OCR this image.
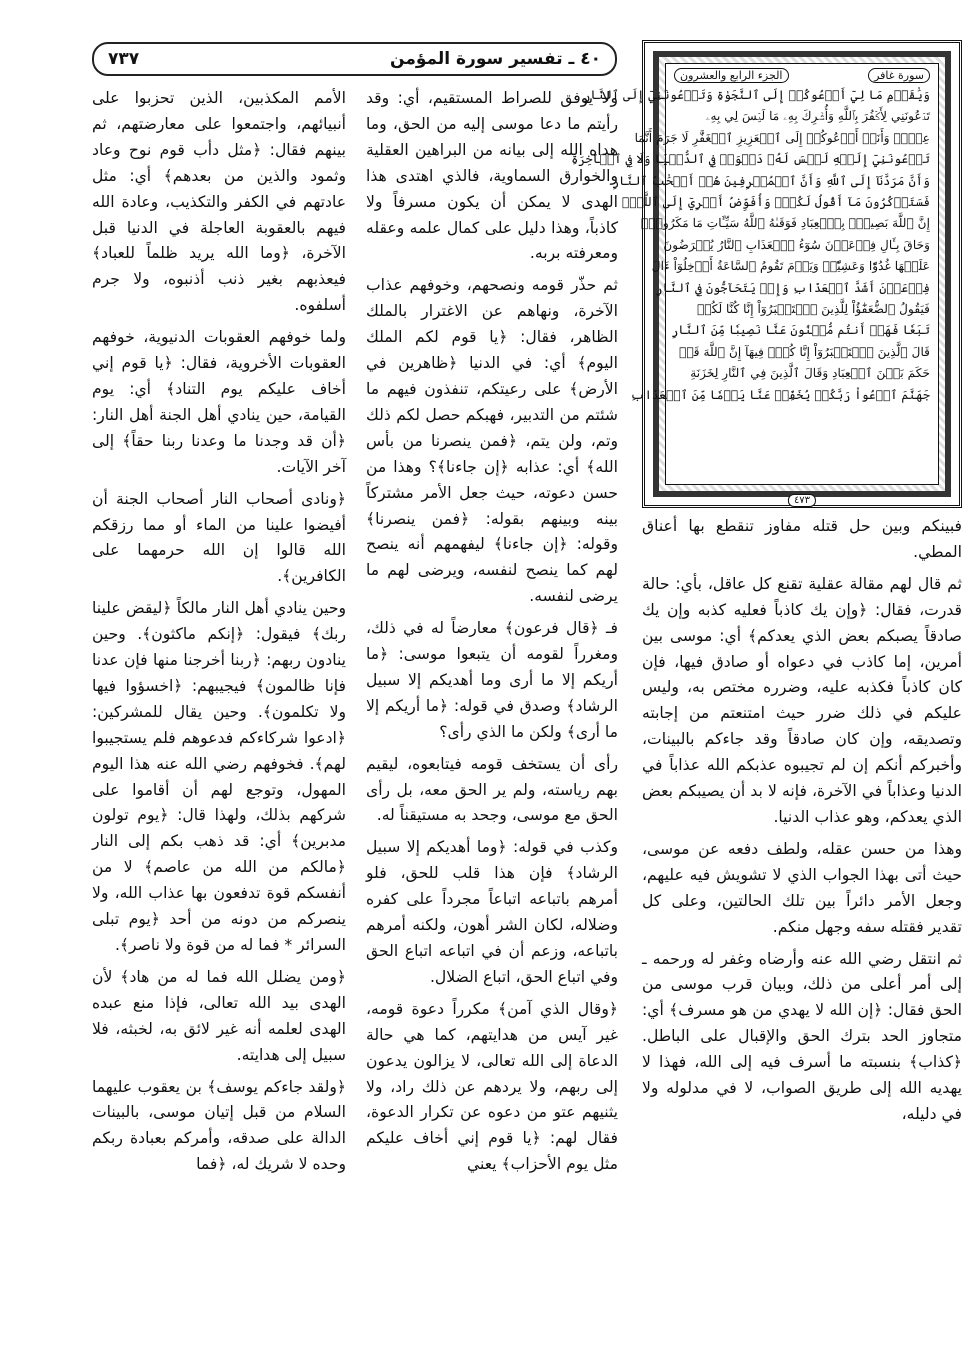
٤٠ ـ تفسير سورة المؤمن
٧٣٧
سورة غافر
الجزء الرابع والعشرون
وَيَٰقَوۡمِ مَا لِيٓ أَدۡعُوكُمۡ إِلَى ٱلنَّجَوٰةِ وَتَدۡعُونَنِيٓ إِلَى ٱلنَّارِ
تَدۡعُونَنِي لِأَكۡفُرَ بِٱللَّهِ وَأُشۡرِكَ بِهِۦ مَا لَيۡسَ لِي بِهِۦ
عِلۡمٞ وَأَنَا۠ أَدۡعُوكُمۡ إِلَى ٱلۡعَزِيزِ ٱلۡغَفَّٰرِ لَا جَرَمَ أَنَّمَا
تَدۡعُونَنِيٓ إِلَيۡهِ لَيۡسَ لَهُۥ دَعۡوَةٞ فِي ٱلدُّنۡيَا وَلَا فِي ٱلۡأٓخِرَةِ
وَأَنَّ مَرَدَّنَآ إِلَى ٱللَّهِ وَأَنَّ ٱلۡمُسۡرِفِينَ هُمۡ أَصۡحَٰبُ ٱلنَّارِ
فَسَتَذۡكُرُونَ مَآ أَقُولُ لَكُمۡۚ وَأُفَوِّضُ أَمۡرِيٓ إِلَى ٱللَّهِۚ
إِنَّ ٱللَّهَ بَصِيرُۢ بِٱلۡعِبَادِ فَوَقَىٰهُ ٱللَّهُ سَيِّـَٔاتِ مَا مَكَرُواْۖ
وَحَاقَ بِـَٔالِ فِرۡعَوۡنَ سُوٓءُ ٱلۡعَذَابِ ٱلنَّارُ يُعۡرَضُونَ
عَلَيۡهَا غُدُوّٗا وَعَشِيّٗاۚ وَيَوۡمَ تَقُومُ ٱلسَّاعَةُ أَدۡخِلُوٓاْ ءَالَ
فِرۡعَوۡنَ أَشَدَّ ٱلۡعَذَابِ وَإِذۡ يَتَحَآجُّونَ فِي ٱلنَّارِ
فَيَقُولُ ٱلضُّعَفَٰٓؤُاْ لِلَّذِينَ ٱسۡتَكۡبَرُوٓاْ إِنَّا كُنَّا لَكُمۡ
تَبَعٗا فَهَلۡ أَنتُم مُّغۡنُونَ عَنَّا نَصِيبٗا مِّنَ ٱلنَّارِ
قَالَ ٱلَّذِينَ ٱسۡتَكۡبَرُوٓاْ إِنَّا كُلّٞ فِيهَآ إِنَّ ٱللَّهَ قَدۡ
حَكَمَ بَيۡنَ ٱلۡعِبَادِ وَقَالَ ٱلَّذِينَ فِي ٱلنَّارِ لِخَزَنَةِ
جَهَنَّمَ ٱدۡعُواْ رَبَّكُمۡ يُخَفِّفۡ عَنَّا يَوۡمٗا مِّنَ ٱلۡعَذَابِ
٤٧٣

فبينكم وبين حل قتله مفاوز تنقطع بها أعناق المطي.

ثم قال لهم مقالة عقلية تقنع كل عاقل، بأي: حالة قدرت، فقال: ﴿وإن يك كاذباً فعليه كذبه وإن يك صادقاً يصبكم بعض الذي يعدكم﴾ أي: موسى بين أمرين، إما كاذب في دعواه أو صادق فيها، فإن كان كاذباً فكذبه عليه، وضرره مختص به، وليس عليكم في ذلك ضرر حيث امتنعتم من إجابته وتصديقه، وإن كان صادقاً وقد جاءكم بالبينات، وأخبركم أنكم إن لم تجيبوه عذبكم الله عذاباً في الدنيا وعذاباً في الآخرة، فإنه لا بد أن يصيبكم بعض الذي يعدكم، وهو عذاب الدنيا.

وهذا من حسن عقله، ولطف دفعه عن موسى، حيث أتى بهذا الجواب الذي لا تشويش فيه عليهم، وجعل الأمر دائراً بين تلك الحالتين، وعلى كل تقدير فقتله سفه وجهل منكم.

ثم انتقل رضي الله عنه وأرضاه وغفر له ورحمه ـ إلى أمر أعلى من ذلك، وبيان قرب موسى من الحق فقال: ﴿إن الله لا يهدي من هو مسرف﴾ أي: متجاوز الحد بترك الحق والإقبال على الباطل. ﴿كذاب﴾ بنسبته ما أسرف فيه إلى الله، فهذا لا يهديه الله إلى طريق الصواب، لا في مدلوله ولا في دليله،

ولا يوفق للصراط المستقيم، أي: وقد رأيتم ما دعا موسى إليه من الحق، وما هداه الله إلى بيانه من البراهين العقلية والخوارق السماوية، فالذي اهتدى هذا الهدى لا يمكن أن يكون مسرفاً ولا كاذباً، وهذا دليل على كمال علمه وعقله ومعرفته بربه.

ثم حذّر قومه ونصحهم، وخوفهم عذاب الآخرة، ونهاهم عن الاغترار بالملك الظاهر، فقال: ﴿يا قوم لكم الملك اليوم﴾ أي: في الدنيا ﴿ظاهرين في الأرض﴾ على رعيتكم، تنفذون فيهم ما شئتم من التدبير، فهبكم حصل لكم ذلك وتم، ولن يتم، ﴿فمن ينصرنا من بأس الله﴾ أي: عذابه ﴿إن جاءنا﴾؟ وهذا من حسن دعوته، حيث جعل الأمر مشتركاً بينه وبينهم بقوله: ﴿فمن ينصرنا﴾ وقوله: ﴿إن جاءنا﴾ ليفهمهم أنه ينصح لهم كما ينصح لنفسه، ويرضى لهم ما يرضى لنفسه.

فـ ﴿قال فرعون﴾ معارضاً له في ذلك، ومغرراً لقومه أن يتبعوا موسى: ﴿ما أريكم إلا ما أرى وما أهديكم إلا سبيل الرشاد﴾ وصدق في قوله: ﴿ما أريكم إلا ما أرى﴾ ولكن ما الذي رأى؟

رأى أن يستخف قومه فيتابعوه، ليقيم بهم رياسته، ولم ير الحق معه، بل رأى الحق مع موسى، وجحد به مستيقناً له.

وكذب في قوله: ﴿وما أهديكم إلا سبيل الرشاد﴾ فإن هذا قلب للحق، فلو أمرهم باتباعه اتباعاً مجرداً على كفره وضلاله، لكان الشر أهون، ولكنه أمرهم باتباعه، وزعم أن في اتباعه اتباع الحق وفي اتباع الحق، اتباع الضلال.

﴿وقال الذي آمن﴾ مكرراً دعوة قومه، غير آيس من هدايتهم، كما هي حالة الدعاة إلى الله تعالى، لا يزالون يدعون إلى ربهم، ولا يردهم عن ذلك راد، ولا يثنيهم عتو من دعوه عن تكرار الدعوة، فقال لهم: ﴿يا قوم إني أخاف عليكم مثل يوم الأحزاب﴾ يعني

الأمم المكذبين، الذين تحزبوا على أنبيائهم، واجتمعوا على معارضتهم، ثم بينهم فقال: ﴿مثل دأب قوم نوح وعاد وثمود والذين من بعدهم﴾ أي: مثل عادتهم في الكفر والتكذيب، وعادة الله فيهم بالعقوبة العاجلة في الدنيا قبل الآخرة، ﴿وما الله يريد ظلماً للعباد﴾ فيعذبهم بغير ذنب أذنبوه، ولا جرم أسلفوه.

ولما خوفهم العقوبات الدنيوية، خوفهم العقوبات الأخروية، فقال: ﴿يا قوم إني أخاف عليكم يوم التناد﴾ أي: يوم القيامة، حين ينادي أهل الجنة أهل النار: ﴿أن قد وجدنا ما وعدنا ربنا حقاً﴾ إلى آخر الآيات.

﴿ونادى أصحاب النار أصحاب الجنة أن أفيضوا علينا من الماء أو مما رزقكم الله قالوا إن الله حرمهما على الكافرين﴾.

وحين ينادي أهل النار مالكاً ﴿ليقض علينا ربك﴾ فيقول: ﴿إنكم ماكثون﴾. وحين ينادون ربهم: ﴿ربنا أخرجنا منها فإن عدنا فإنا ظالمون﴾ فيجيبهم: ﴿اخسؤوا فيها ولا تكلمون﴾. وحين يقال للمشركين: ﴿ادعوا شركاءكم فدعوهم فلم يستجيبوا لهم﴾. فخوفهم رضي الله عنه هذا اليوم المهول، وتوجع لهم أن أقاموا على شركهم بذلك، ولهذا قال: ﴿يوم تولون مدبرين﴾ أي: قد ذهب بكم إلى النار ﴿مالكم من الله من عاصم﴾ لا من أنفسكم قوة تدفعون بها عذاب الله، ولا ينصركم من دونه من أحد ﴿يوم تبلى السرائر * فما له من قوة ولا ناصر﴾.

﴿ومن يضلل الله فما له من هاد﴾ لأن الهدى بيد الله تعالى، فإذا منع عبده الهدى لعلمه أنه غير لائق به، لخبثه، فلا سبيل إلى هدايته.

﴿ولقد جاءكم يوسف﴾ بن يعقوب عليهما السلام من قبل إتيان موسى، بالبينات الدالة على صدقه، وأمركم بعبادة ربكم وحده لا شريك له، ﴿فما
